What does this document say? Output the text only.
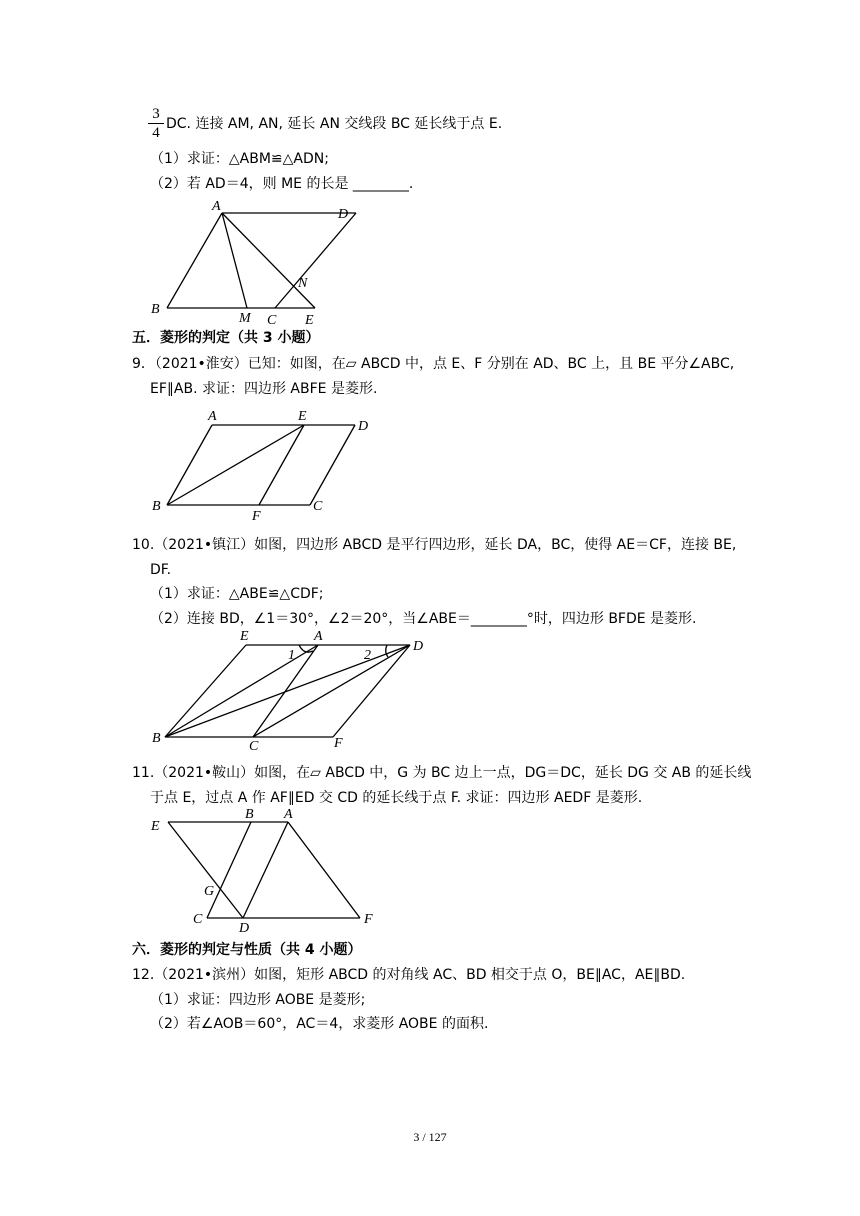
3
4
DC. 连接 AM, AN, 延长 AN 交线段 BC 延长线于点 E.
（1）求证：△ABM≌△ADN;
（2）若 AD＝4，则 ME 的长是 ________.
A
D
B
M C E
N
A	E
D
B
F
C
E	A
D
B
C	F
1	2
E
B A
G
C
D
F
五．菱形的判定（共 3 小题）
9．（2021•淮安）已知：如图，在▱ ABCD 中，点 E、F 分别在 AD、BC 上，且 BE 平分∠ABC,
EF∥AB. 求证：四边形 ABFE 是菱形.
10.（2021•镇江）如图，四边形 ABCD 是平行四边形，延长 DA，BC，使得 AE＝CF，连接 BE,
DF.
（1）求证：△ABE≌△CDF;
（2）连接 BD，∠1＝30°，∠2＝20°，当∠ABE＝________°时，四边形 BFDE 是菱形.
11.（2021•鞍山）如图，在▱ ABCD 中，G 为 BC 边上一点，DG＝DC，延长 DG 交 AB 的延长线
于点 E，过点 A 作 AF∥ED 交 CD 的延长线于点 F. 求证：四边形 AEDF 是菱形.
六．菱形的判定与性质（共 4 小题）
12.（2021•滨州）如图，矩形 ABCD 的对角线 AC、BD 相交于点 O，BE∥AC，AE∥BD.
（1）求证：四边形 AOBE 是菱形;
（2）若∠AOB＝60°，AC＝4，求菱形 AOBE 的面积.
3 / 127
